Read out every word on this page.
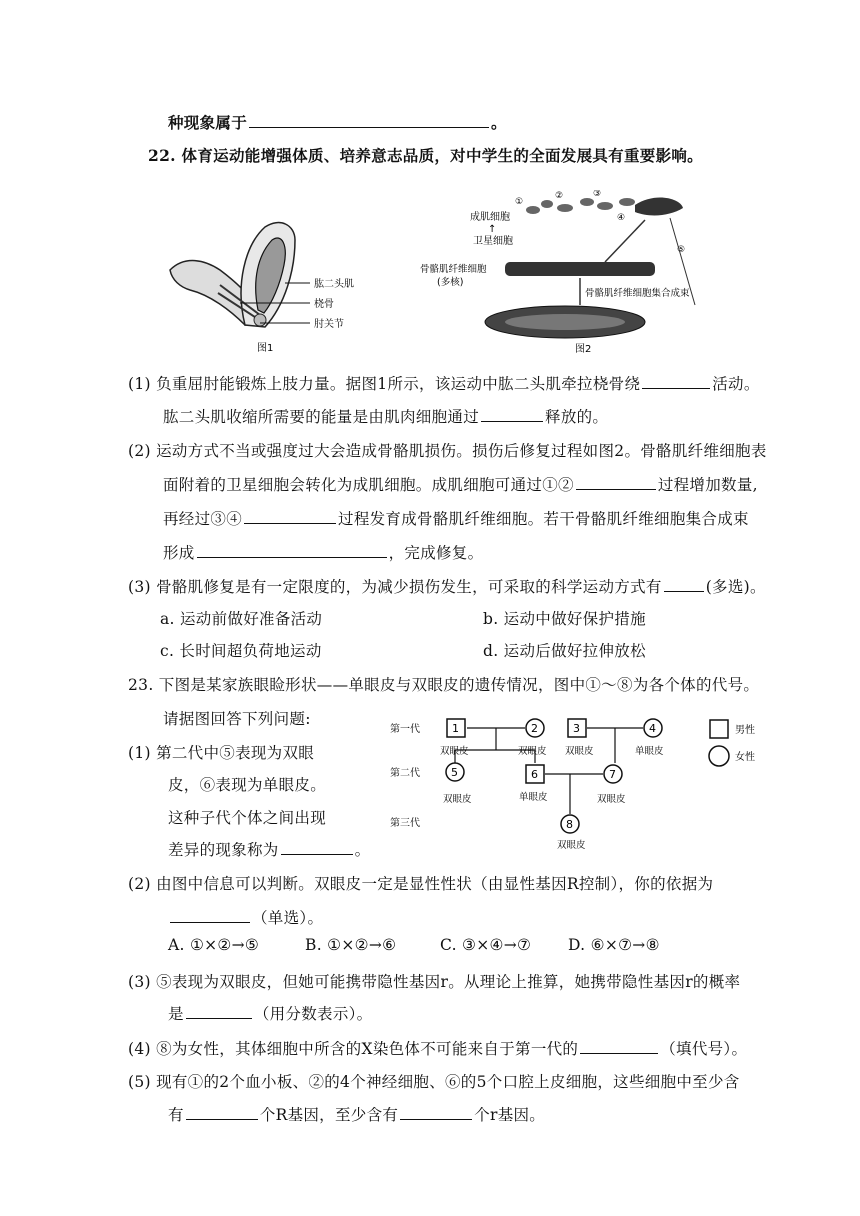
种现象属于	。
22. 体育运动能增强体质、培养意志品质，对中学生的全面发展具有重要影响。
肱二头肌
桡骨
肘关节
图1
成肌细胞
↑
卫星细胞
①
②	③
④
⑤
骨骼肌纤维细胞
(多核)
骨骼肌纤维细胞集合成束
图2
(1) 负重屈肘能锻炼上肢力量。据图1所示，该运动中肱二头肌牵拉桡骨绕	活动。
肱二头肌收缩所需要的能量是由肌肉细胞通过	释放的。
(2) 运动方式不当或强度过大会造成骨骼肌损伤。损伤后修复过程如图2。骨骼肌纤维细胞表
面附着的卫星细胞会转化为成肌细胞。成肌细胞可通过①②	过程增加数量,
再经过③④	过程发育成骨骼肌纤维细胞。若干骨骼肌纤维细胞集合成束
形成	，完成修复。
(3) 骨骼肌修复是有一定限度的，为减少损伤发生，可采取的科学运动方式有	(多选)。
a. 运动前做好准备活动	b. 运动中做好保护措施
c. 长时间超负荷地运动	d. 运动后做好拉伸放松
23. 下图是某家族眼睑形状——单眼皮与双眼皮的遗传情况，图中①～⑧为各个体的代号。
请据图回答下列问题:
第一代
第二代
第三代
1
双眼皮
2
双眼皮
3
双眼皮
4
单眼皮
5
双眼皮
6
单眼皮
7
双眼皮
8
双眼皮
男性
女性
(1) 第二代中⑤表现为双眼
皮，⑥表现为单眼皮。
这种子代个体之间出现
差异的现象称为	。
(2) 由图中信息可以判断。双眼皮一定是显性性状（由显性基因R控制），你的依据为
（单选）。
A. ①×②→⑤	B. ①×②→⑥	C. ③×④→⑦ D. ⑥×⑦→⑧
(3) ⑤表现为双眼皮，但她可能携带隐性基因r。从理论上推算，她携带隐性基因r的概率
是	（用分数表示）。
(4) ⑧为女性，其体细胞中所含的X染色体不可能来自于第一代的	（填代号）。
(5) 现有①的2个血小板、②的4个神经细胞、⑥的5个口腔上皮细胞，这些细胞中至少含
有	个R基因，至少含有	个r基因。
